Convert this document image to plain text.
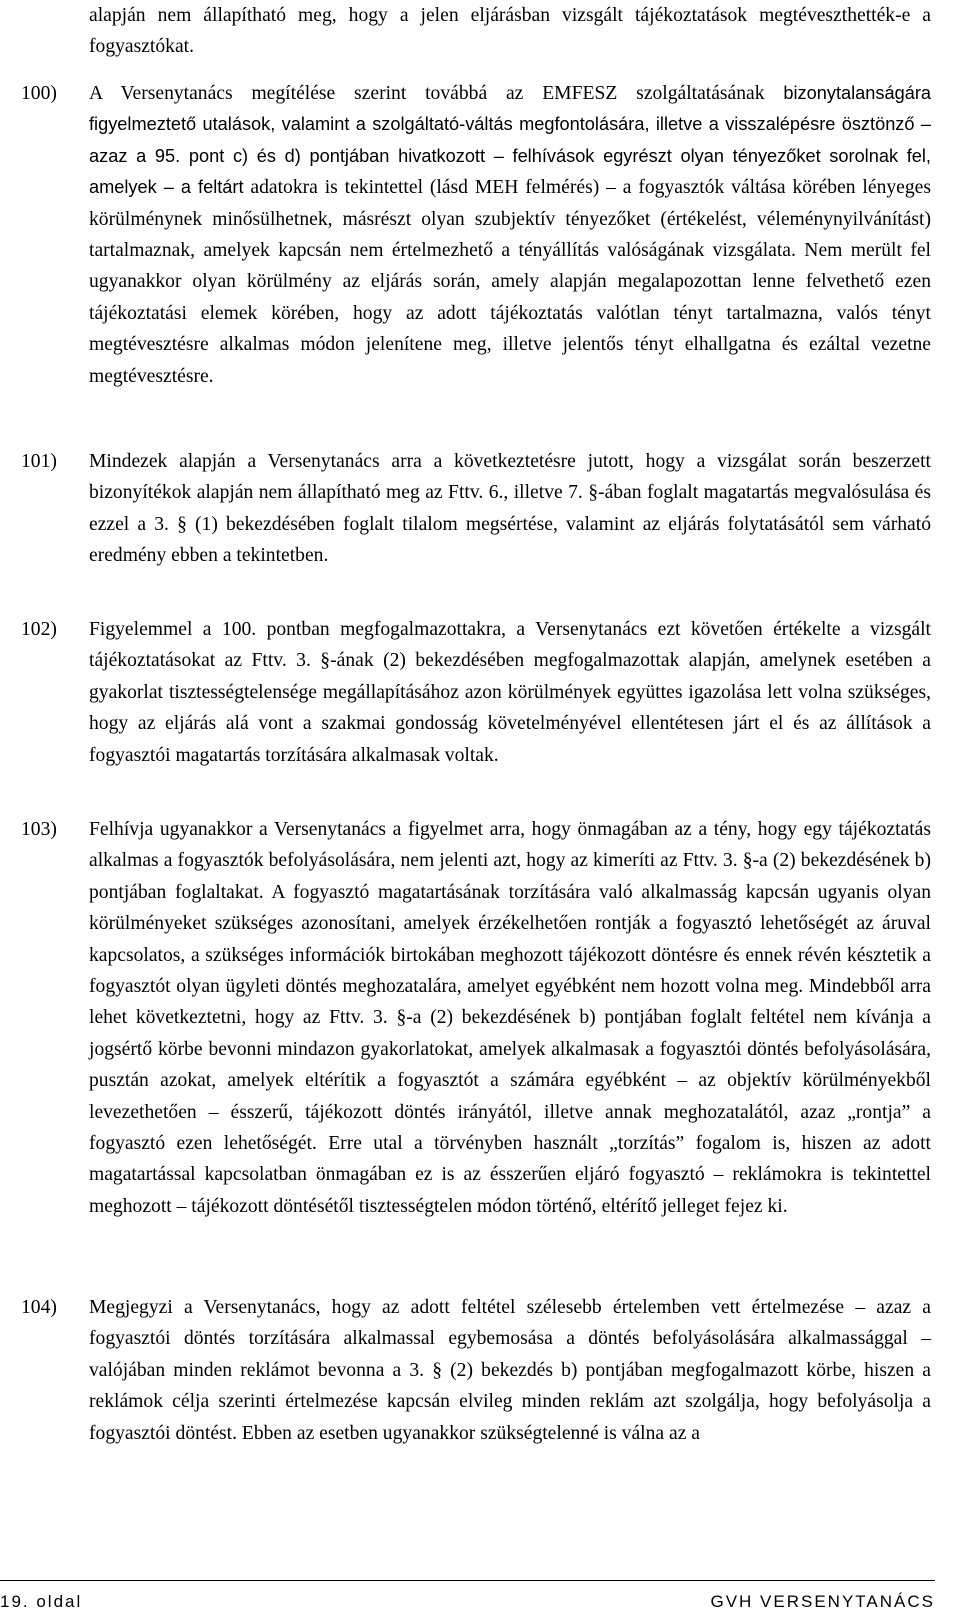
alapján nem állapítható meg, hogy a jelen eljárásban vizsgált tájékoztatások megtéveszthették-e a fogyasztókat.

100) A Versenytanács megítélése szerint továbbá az EMFESZ szolgáltatásának bizonytalanságára figyelmeztető utalások, valamint a szolgáltató-váltás megfontolására, illetve a visszalépésre ösztönző – azaz a 95. pont c) és d) pontjában hivatkozott – felhívások egyrészt olyan tényezőket sorolnak fel, amelyek – a feltárt adatokra is tekintettel (lásd MEH felmérés) – a fogyasztók váltása körében lényeges körülménynek minősülhetnek, másrészt olyan szubjektív tényezőket (értékelést, véleménynyilvánítást) tartalmaznak, amelyek kapcsán nem értelmezhető a tényállítás valóságának vizsgálata. Nem merült fel ugyanakkor olyan körülmény az eljárás során, amely alapján megalapozottan lenne felvethető ezen tájékoztatási elemek körében, hogy az adott tájékoztatás valótlan tényt tartalmazna, valós tényt megtévesztésre alkalmas módon jelenítene meg, illetve jelentős tényt elhallgatna és ezáltal vezetne megtévesztésre.

101) Mindezek alapján a Versenytanács arra a következtetésre jutott, hogy a vizsgálat során beszerzett bizonyítékok alapján nem állapítható meg az Fttv. 6., illetve 7. §-ában foglalt magatartás megvalósulása és ezzel a 3. § (1) bekezdésében foglalt tilalom megsértése, valamint az eljárás folytatásától sem várható eredmény ebben a tekintetben.

102) Figyelemmel a 100. pontban megfogalmazottakra, a Versenytanács ezt követően értékelte a vizsgált tájékoztatásokat az Fttv. 3. §-ának (2) bekezdésében megfogalmazottak alapján, amelynek esetében a gyakorlat tisztességtelensége megállapításához azon körülmények együttes igazolása lett volna szükséges, hogy az eljárás alá vont a szakmai gondosság követelményével ellentétesen járt el és az állítások a fogyasztói magatartás torzítására alkalmasak voltak.

103) Felhívja ugyanakkor a Versenytanács a figyelmet arra, hogy önmagában az a tény, hogy egy tájékoztatás alkalmas a fogyasztók befolyásolására, nem jelenti azt, hogy az kimeríti az Fttv. 3. §-a (2) bekezdésének b) pontjában foglaltakat. A fogyasztó magatartásának torzítására való alkalmasság kapcsán ugyanis olyan körülményeket szükséges azonosítani, amelyek érzékelhetően rontják a fogyasztó lehetőségét az áruval kapcsolatos, a szükséges információk birtokában meghozott tájékozott döntésre és ennek révén késztetik a fogyasztót olyan ügyleti döntés meghozatalára, amelyet egyébként nem hozott volna meg. Mindebből arra lehet következtetni, hogy az Fttv. 3. §-a (2) bekezdésének b) pontjában foglalt feltétel nem kívánja a jogsértő körbe bevonni mindazon gyakorlatokat, amelyek alkalmasak a fogyasztói döntés befolyásolására, pusztán azokat, amelyek eltérítik a fogyasztót a számára egyébként – az objektív körülményekből levezethetően – ésszerű, tájékozott döntés irányától, illetve annak meghozatalától, azaz „rontja” a fogyasztó ezen lehetőségét. Erre utal a törvényben használt „torzítás” fogalom is, hiszen az adott magatartással kapcsolatban önmagában ez is az ésszerűen eljáró fogyasztó – reklámokra is tekintettel meghozott – tájékozott döntésétől tisztességtelen módon történő, eltérítő jelleget fejez ki.

104) Megjegyzi a Versenytanács, hogy az adott feltétel szélesebb értelemben vett értelmezése – azaz a fogyasztói döntés torzítására alkalmassal egybemosása a döntés befolyásolására alkalmassággal – valójában minden reklámot bevonna a 3. § (2) bekezdés b) pontjában megfogalmazott körbe, hiszen a reklámok célja szerinti értelmezése kapcsán elvileg minden reklám azt szolgálja, hogy befolyásolja a fogyasztói döntést. Ebben az esetben ugyanakkor szükségtelenné is válna az a

19. oldal	GVH VERSENYTANÁCS
